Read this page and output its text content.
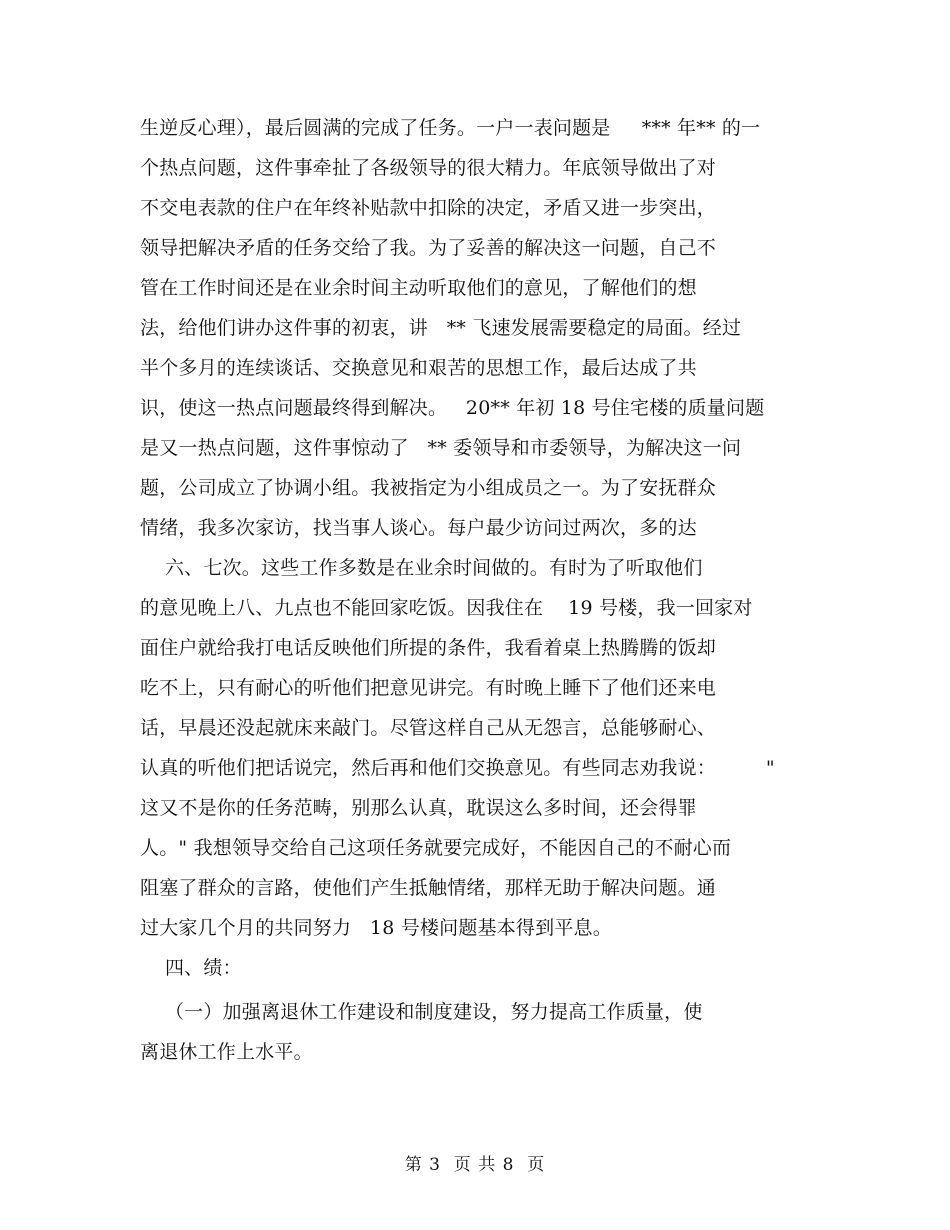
生逆反心理），最后圆满的完成了任务。一户一表问题是     *** 年** 的一
个热点问题，这件事牵扯了各级领导的很大精力。年底领导做出了对
不交电表款的住户在年终补贴款中扣除的决定，矛盾又进一步突出，
领导把解决矛盾的任务交给了我。为了妥善的解决这一问题，自己不
管在工作时间还是在业余时间主动听取他们的意见，了解他们的想
法，给他们讲办这件事的初衷，讲   ** 飞速发展需要稳定的局面。经过
半个多月的连续谈话、交换意见和艰苦的思想工作，最后达成了共
识，使这一热点问题最终得到解决。   20** 年初 18 号住宅楼的质量问题
是又一热点问题，这件事惊动了   ** 委领导和市委领导，为解决这一问
题，公司成立了协调小组。我被指定为小组成员之一。为了安抚群众
情绪，我多次家访，找当事人谈心。每户最少访问过两次，多的达
六、七次。这些工作多数是在业余时间做的。有时为了听取他们
的意见晚上八、九点也不能回家吃饭。因我住在    19 号楼，我一回家对
面住户就给我打电话反映他们所提的条件，我看着桌上热腾腾的饭却
吃不上，只有耐心的听他们把意见讲完。有时晚上睡下了他们还来电
话，早晨还没起就床来敲门。尽管这样自己从无怨言，总能够耐心、
认真的听他们把话说完，然后再和他们交换意见。有些同志劝我说：        "
这又不是你的任务范畴，别那么认真，耽误这么多时间，还会得罪
人。" 我想领导交给自己这项任务就要完成好，不能因自己的不耐心而
阻塞了群众的言路，使他们产生抵触情绪，那样无助于解决问题。通
过大家几个月的共同努力   18 号楼问题基本得到平息。
四、绩：
（一）加强离退休工作建设和制度建设，努力提高工作质量，使
离退休工作上水平。
第 3  页 共 8  页
